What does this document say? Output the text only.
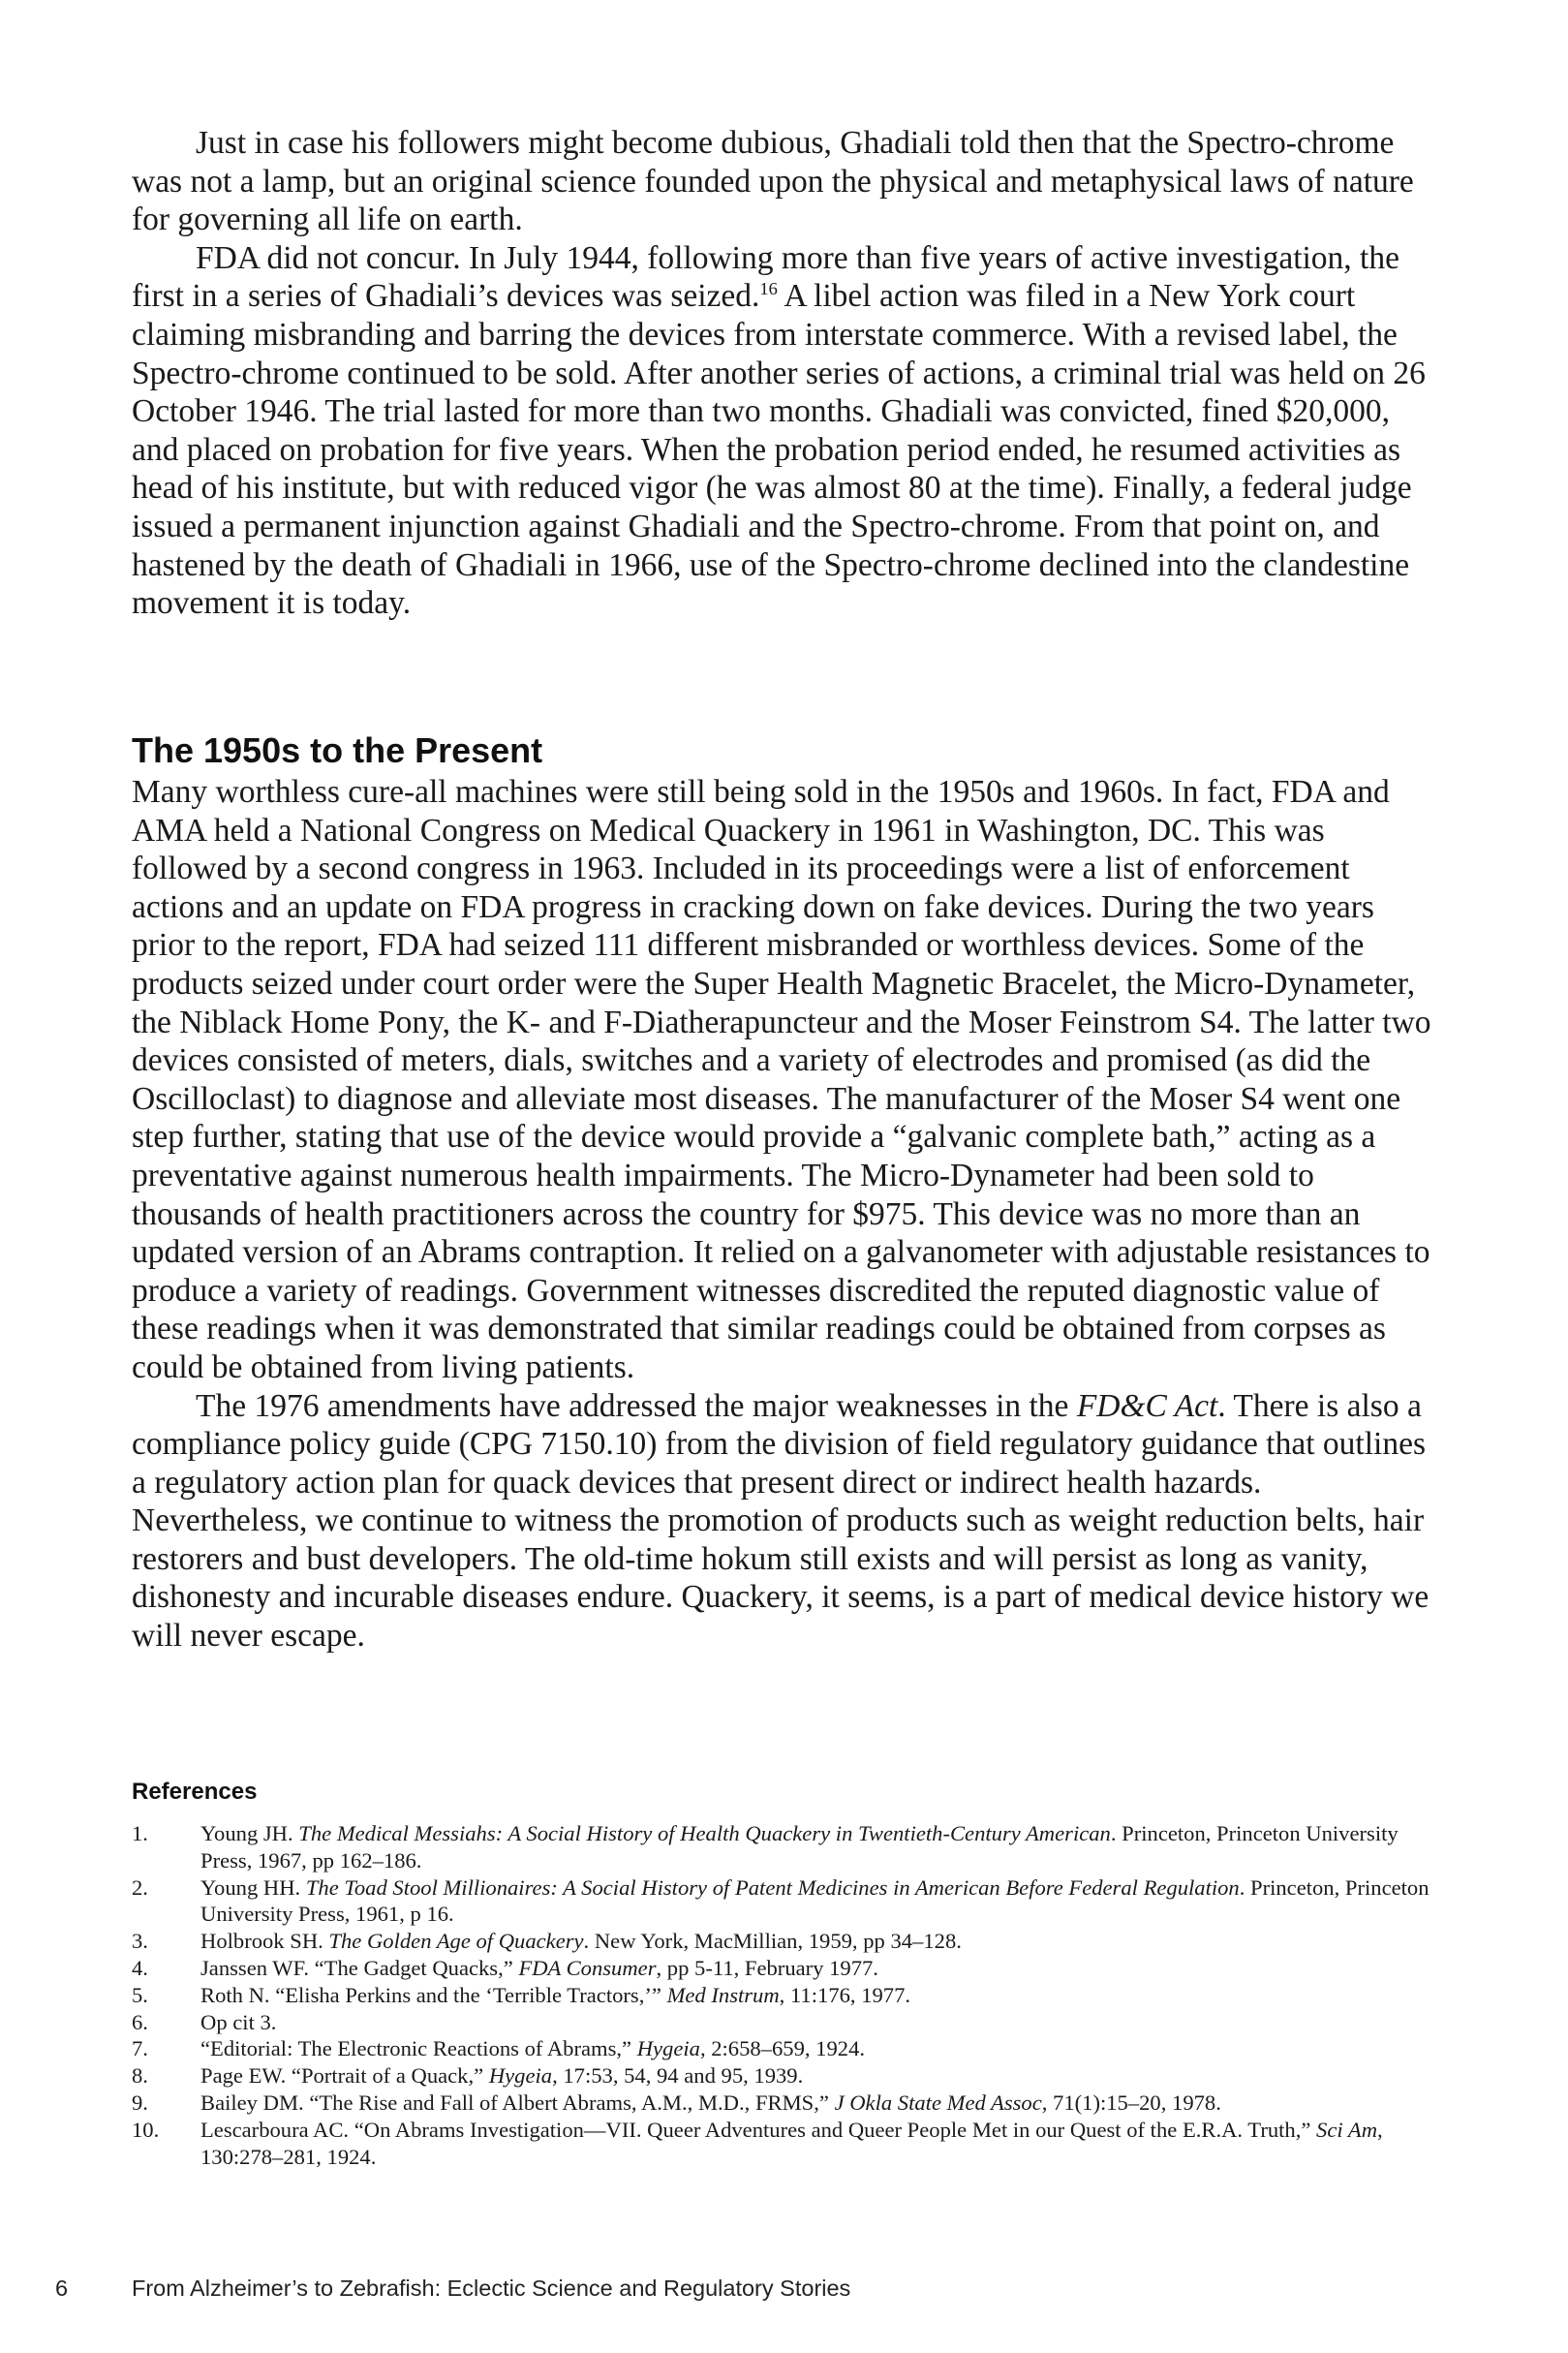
Just in case his followers might become dubious, Ghadiali told then that the Spectro-chrome was not a lamp, but an original science founded upon the physical and metaphysical laws of nature for governing all life on earth.

FDA did not concur. In July 1944, following more than five years of active investigation, the first in a series of Ghadiali’s devices was seized.$^{16}$ A libel action was filed in a New York court claiming misbranding and barring the devices from interstate commerce. With a revised label, the Spectro-chrome continued to be sold. After another series of actions, a criminal trial was held on 26 October 1946. The trial lasted for more than two months. Ghadiali was convicted, fined $20,000, and placed on probation for five years. When the probation period ended, he resumed activities as head of his institute, but with reduced vigor (he was almost 80 at the time). Finally, a federal judge issued a permanent injunction against Ghadiali and the Spectro-chrome. From that point on, and hastened by the death of Ghadiali in 1966, use of the Spectro-chrome declined into the clandestine movement it is today.

The 1950s to the Present

Many worthless cure-all machines were still being sold in the 1950s and 1960s. In fact, FDA and AMA held a National Congress on Medical Quackery in 1961 in Washington, DC. This was followed by a second congress in 1963. Included in its proceedings were a list of enforcement actions and an update on FDA progress in cracking down on fake devices. During the two years prior to the report, FDA had seized 111 different misbranded or worthless devices. Some of the products seized under court order were the Super Health Magnetic Bracelet, the Micro-Dynameter, the Niblack Home Pony, the K- and F-Diatherapuncteur and the Moser Feinstrom S4. The latter two devices consisted of meters, dials, switches and a variety of electrodes and promised (as did the Oscilloclast) to diagnose and alleviate most diseases. The manufacturer of the Moser S4 went one step further, stating that use of the device would provide a “galvanic complete bath,” acting as a preventative against numerous health impairments. The Micro-Dynameter had been sold to thousands of health practitioners across the country for $975. This device was no more than an updated version of an Abrams contraption. It relied on a galvanometer with adjustable resistances to produce a variety of readings. Government witnesses discredited the reputed diagnostic value of these readings when it was demonstrated that similar readings could be obtained from corpses as could be obtained from living patients.

The 1976 amendments have addressed the major weaknesses in the FD&C Act. There is also a compliance policy guide (CPG 7150.10) from the division of field regulatory guidance that outlines a regulatory action plan for quack devices that present direct or indirect health hazards. Nevertheless, we continue to witness the promotion of products such as weight reduction belts, hair restorers and bust developers. The old-time hokum still exists and will persist as long as vanity, dishonesty and incurable diseases endure. Quackery, it seems, is a part of medical device history we will never escape.

References
1. Young JH. The Medical Messiahs: A Social History of Health Quackery in Twentieth-Century American. Princeton, Princeton University Press, 1967, pp 162–186.
2. Young HH. The Toad Stool Millionaires: A Social History of Patent Medicines in American Before Federal Regulation. Princeton, Princeton University Press, 1961, p 16.
3. Holbrook SH. The Golden Age of Quackery. New York, MacMillian, 1959, pp 34–128.
4. Janssen WF. “The Gadget Quacks,” FDA Consumer, pp 5-11, February 1977.
5. Roth N. “Elisha Perkins and the ‘Terrible Tractors,’” Med Instrum, 11:176, 1977.
6. Op cit 3.
7. “Editorial: The Electronic Reactions of Abrams,” Hygeia, 2:658–659, 1924.
8. Page EW. “Portrait of a Quack,” Hygeia, 17:53, 54, 94 and 95, 1939.
9. Bailey DM. “The Rise and Fall of Albert Abrams, A.M., M.D., FRMS,” J Okla State Med Assoc, 71(1):15–20, 1978.
10. Lescarboura AC. “On Abrams Investigation—VII. Queer Adventures and Queer People Met in our Quest of the E.R.A. Truth,” Sci Am, 130:278–281, 1924.
6	From Alzheimer’s to Zebrafish: Eclectic Science and Regulatory Stories
